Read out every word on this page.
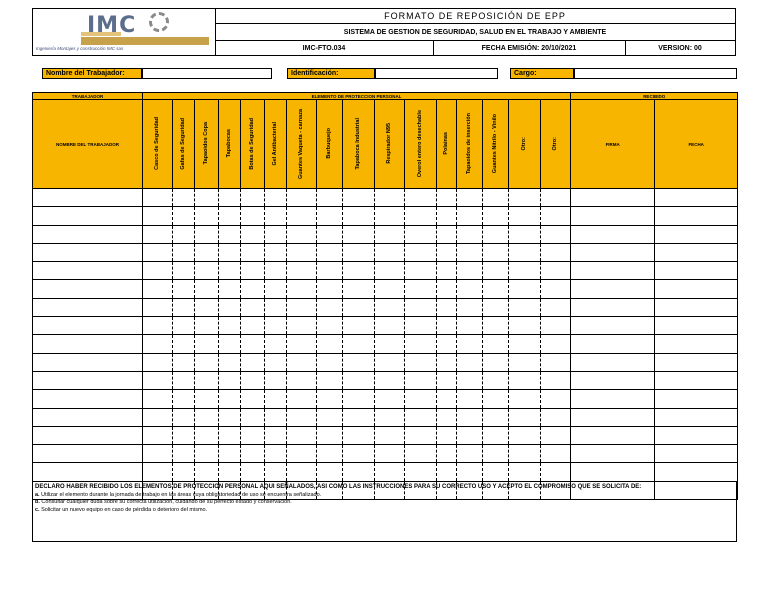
IMC
Ingeniería Montajes y construcción IMC sas
FORMATO DE REPOSICIÓN DE EPP
SISTEMA DE GESTION DE SEGURIDAD, SALUD EN EL TRABAJO Y AMBIENTE
IMC-FTO.034	FECHA EMISIÓN: 20/10/2021	VERSION: 00
Nombre del Trabajador:	Identificación:	Cargo:
TRABAJADOR	ELEMENTO DE PROTECCION PERSONAL																RECIBIDO	
NOMBRE DEL TRABAJADOR	Casco de Seguridad	Gafas de Seguridad	Tapaoidos Copa	Tapabocas	Botas de Seguridad	Gel Antibacterial	Guantes Vaqueta - carnaza	Barbuquejo	Tapaboca Industrial	Respirador N95	Overol entero desechable	Polainas	Tapaoidos de inserción	Guantes Nitrilo - Vinilo	Otro:	Otro:	FIRMA	FECHA

DECLARO HABER RECIBIDO LOS ELEMENTOS DE PROTECCION PERSONAL AQUI SEÑALADOS, ASI COMO LAS INSTRUCCIONES PARA SU CORRECTO USO Y ACEPTO EL COMPROMISO QUE SE SOLICITA DE:
a. Utilizar el elemento durante la jornada de trabajo en las áreas cuya obligatoriedad de uso se encuentra señalizado.
b. Consultar cualquier duda sobre su correcta utilización, cuidando de su perfecto estado y conservación.
c. Solicitar un nuevo equipo en caso de pérdida o deterioro del mismo.
